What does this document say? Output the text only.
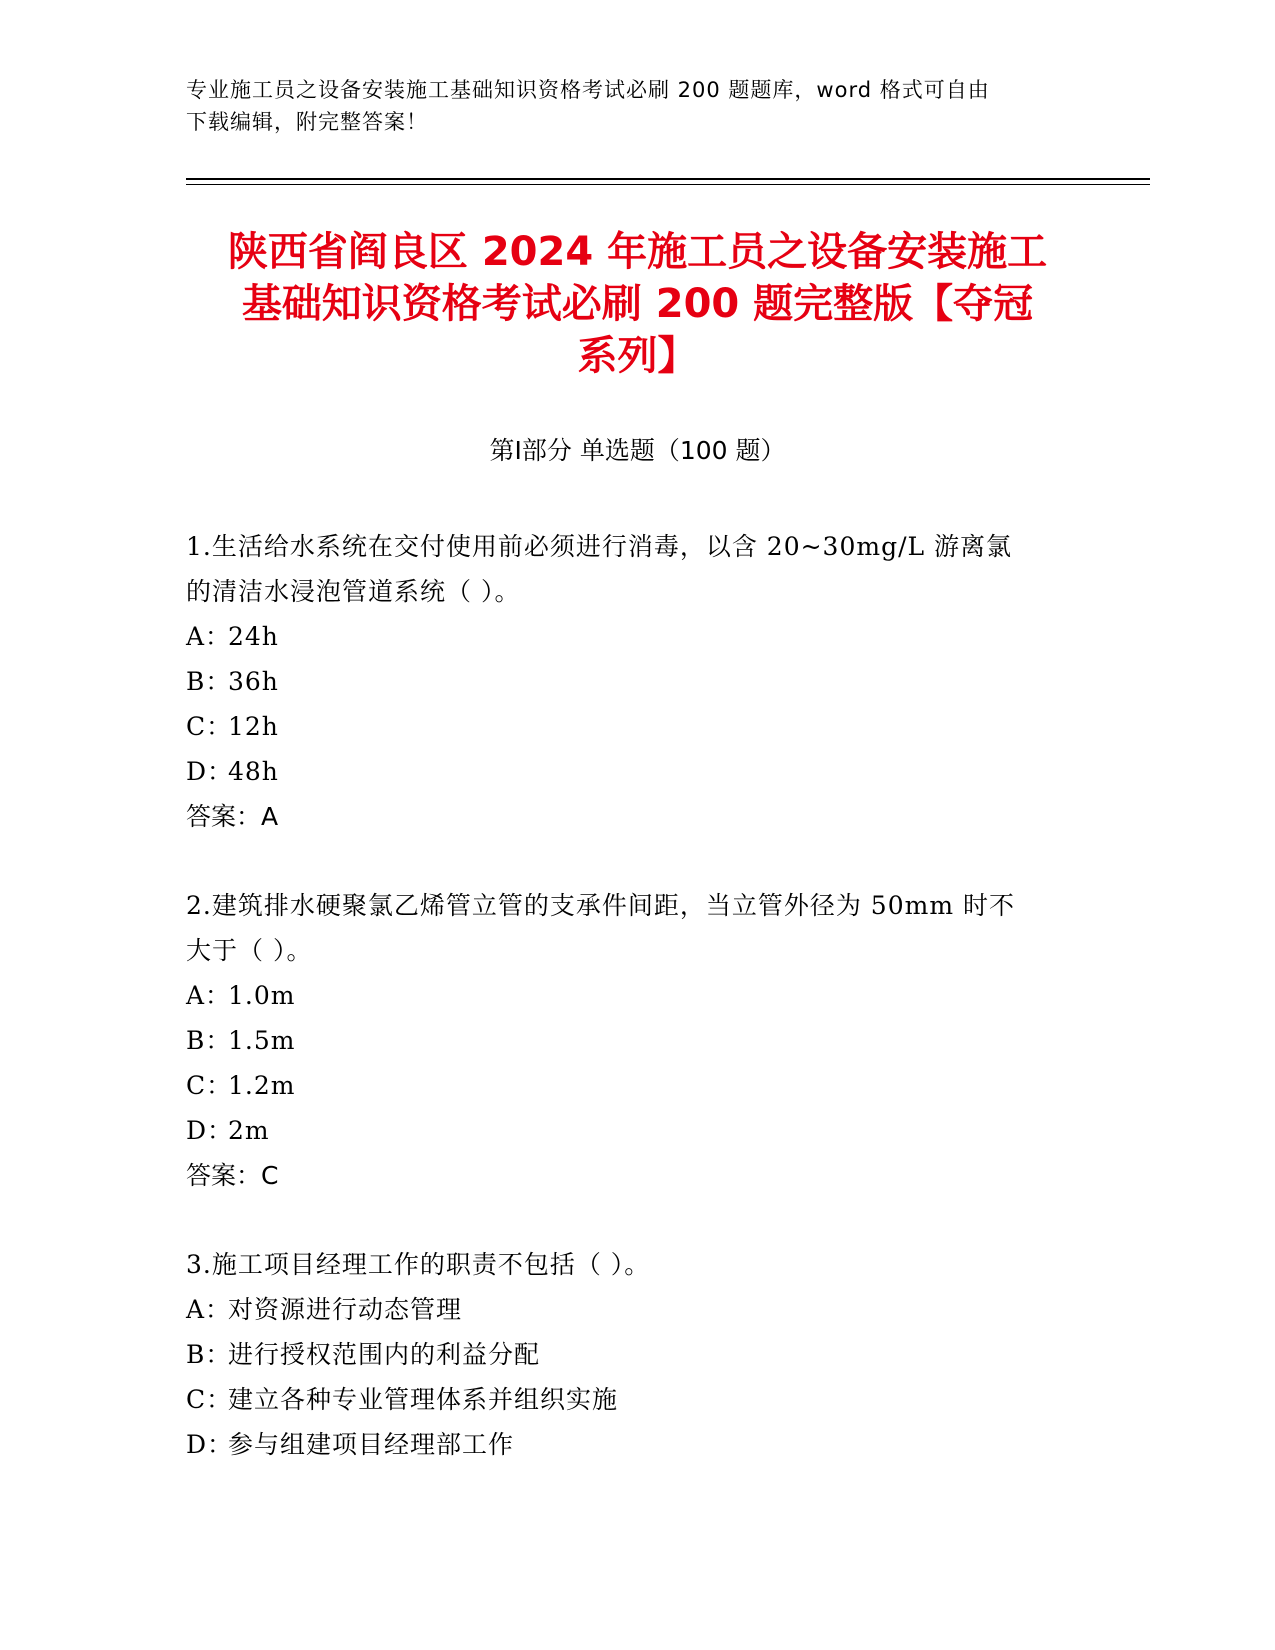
专业施工员之设备安装施工基础知识资格考试必刷 200 题题库，word 格式可自由
下载编辑，附完整答案！
陕西省阎良区 2024 年施工员之设备安装施工
基础知识资格考试必刷 200 题完整版【夺冠
系列】
第Ⅰ部分 单选题（100 题）
1.生活给水系统在交付使用前必须进行消毒，以含 20~30mg/L 游离氯
的清洁水浸泡管道系统（ ）。
A：24h
B：36h
C：12h
D：48h
答案：A
2.建筑排水硬聚氯乙烯管立管的支承件间距，当立管外径为 50mm 时不
大于（ ）。
A：1.0m
B：1.5m
C：1.2m
D：2m
答案：C
3.施工项目经理工作的职责不包括（ ）。
A：对资源进行动态管理
B：进行授权范围内的利益分配
C：建立各种专业管理体系并组织实施
D：参与组建项目经理部工作
